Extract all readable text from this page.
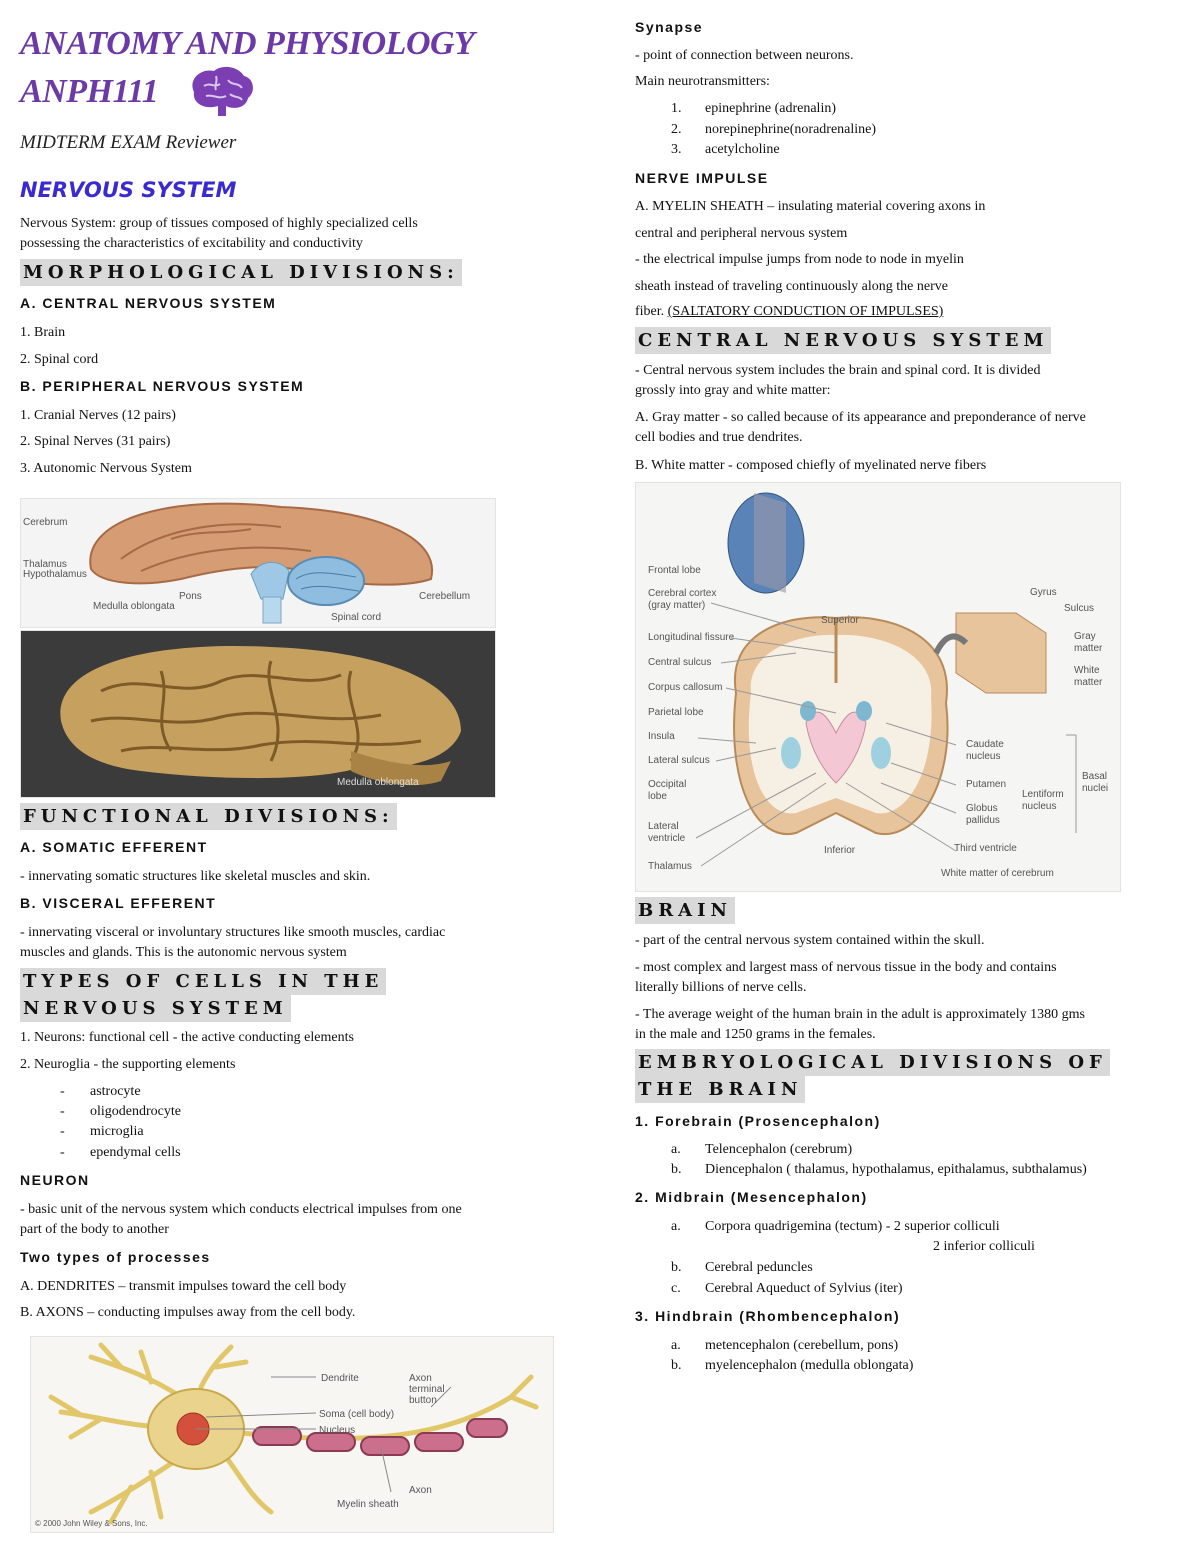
ANATOMY AND PHYSIOLOGY
ANPH111
MIDTERM EXAM Reviewer
NERVOUS SYSTEM
Nervous System: group of tissues composed of highly specialized cells
possessing the characteristics of excitability and conductivity
MORPHOLOGICAL DIVISIONS:
A. CENTRAL NERVOUS SYSTEM
1. Brain
2. Spinal cord
B. PERIPHERAL NERVOUS SYSTEM
1. Cranial Nerves (12 pairs)
2. Spinal Nerves (31 pairs)
3. Autonomic Nervous System
Cerebrum
Thalamus
Hypothalamus
Pons
Medulla oblongata
Cerebellum
Spinal cord
Medulla oblongata
FUNCTIONAL DIVISIONS:
A. SOMATIC EFFERENT
- innervating somatic structures like skeletal muscles and skin.
B. VISCERAL EFFERENT
- innervating visceral or involuntary structures like smooth muscles, cardiac
muscles and glands. This is the autonomic nervous system
TYPES OF CELLS IN THE
NERVOUS SYSTEM
1. Neurons: functional cell - the active conducting elements
2. Neuroglia - the supporting elements
- astrocyte
- oligodendrocyte
- microglia
- ependymal cells
NEURON
- basic unit of the nervous system which conducts electrical impulses from one
part of the body to another
Two types of processes
A. DENDRITES – transmit impulses toward the cell body
B. AXONS – conducting impulses away from the cell body.
Dendrite
Soma (cell body)
Nucleus
Axon terminal button
Axon
Myelin sheath
© 2000 John Wiley & Sons, Inc.
Synapse
- point of connection between neurons.
Main neurotransmitters:
1. epinephrine (adrenalin)
2. norepinephrine(noradrenaline)
3. acetylcholine
NERVE IMPULSE
A. MYELIN SHEATH – insulating material covering axons in
central and peripheral nervous system
- the electrical impulse jumps from node to node in myelin
sheath instead of traveling continuously along the nerve
fiber. (SALTATORY CONDUCTION OF IMPULSES)
CENTRAL NERVOUS SYSTEM
- Central nervous system includes the brain and spinal cord. It is divided
grossly into gray and white matter:
A. Gray matter - so called because of its appearance and preponderance of nerve
cell bodies and true dendrites.
B. White matter - composed chiefly of myelinated nerve fibers
Frontal lobe
Cerebral cortex (gray matter)
Longitudinal fissure
Central sulcus
Corpus callosum
Parietal lobe
Insula
Lateral sulcus
Occipital lobe
Lateral ventricle
Thalamus
Superior
Inferior
Gyrus
Sulcus
Gray matter
White matter
Caudate nucleus
Putamen
Globus pallidus
Lentiform nucleus
Basal nuclei
Third ventricle
White matter of cerebrum
BRAIN
- part of the central nervous system contained within the skull.
- most complex and largest mass of nervous tissue in the body and contains
literally billions of nerve cells.
- The average weight of the human brain in the adult is approximately 1380 gms
in the male and 1250 grams in the females.
EMBRYOLOGICAL DIVISIONS OF
THE BRAIN
1. Forebrain (Prosencephalon)
a. Telencephalon (cerebrum)
b. Diencephalon ( thalamus, hypothalamus, epithalamus, subthalamus)
2. Midbrain (Mesencephalon)
a. Corpora quadrigemina (tectum) - 2 superior colliculi
2 inferior colliculi
b. Cerebral peduncles
c. Cerebral Aqueduct of Sylvius (iter)
3. Hindbrain (Rhombencephalon)
a. metencephalon (cerebellum, pons)
b. myelencephalon (medulla oblongata)
